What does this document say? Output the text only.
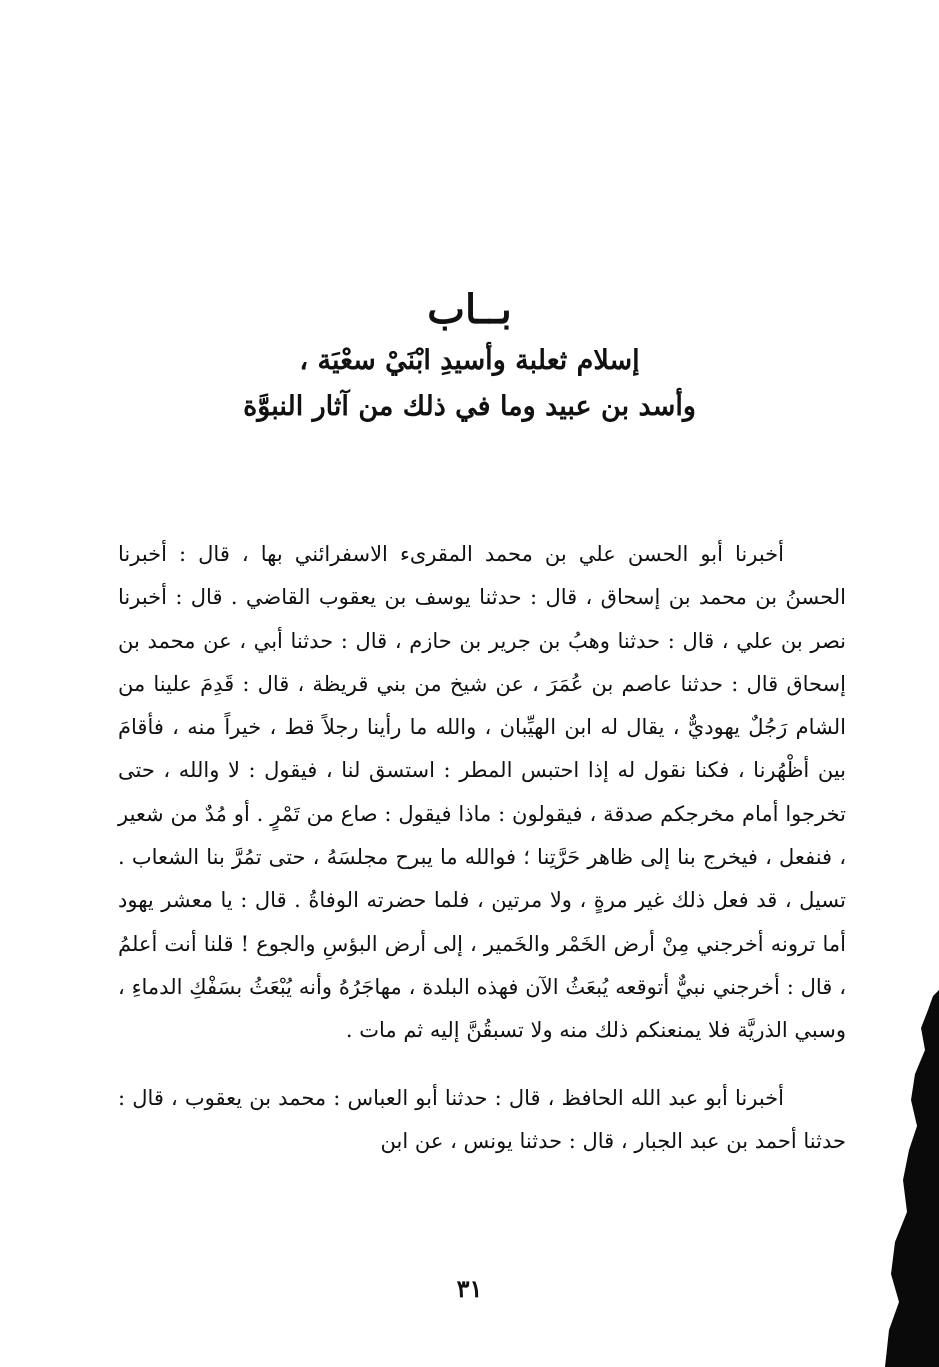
بــاب
إسلام ثعلبة وأسيدِ ابْنَيْ سعْيَة ،
وأسد بن عبيد وما في ذلك من آثار النبوَّة

أخبرنا أبو الحسن علي بن محمد المقرىء الاسفرائني بها ، قال : أخبرنا الحسنُ بن محمد بن إسحاق ، قال : حدثنا يوسف بن يعقوب القاضي . قال : أخبرنا نصر بن علي ، قال : حدثنا وهبُ بن جرير بن حازم ، قال : حدثنا أبي ، عن محمد بن إسحاق قال : حدثنا عاصم بن عُمَرَ ، عن شيخ من بني قريظة ، قال : قَدِمَ علينا من الشام رَجُلٌ يهوديٌّ ، يقال له ابن الهيِّبان ، والله ما رأينا رجلاً قط ، خيراً منه ، فأقامَ بين أظْهُرنا ، فكنا نقول له إذا احتبس المطر : استسق لنا ، فيقول : لا والله ، حتى تخرجوا أمام مخرجكم صدقة ، فيقولون : ماذا فيقول : صاع من تَمْرٍ . أو مُدٌ من شعير ، فنفعل ، فيخرج بنا إلى ظاهر حَرَّتِنا ؛ فوالله ما يبرح مجلسَهُ ، حتى تمُرَّ بنا الشعاب . تسيل ، قد فعل ذلك غير مرةٍ ، ولا مرتين ، فلما حضرته الوفاةُ . قال : يا معشر يهود أما ترونه أخرجني مِنْ أرض الخَمْر والخَمير ، إلى أرض البؤسِ والجوع ! قلنا أنت أعلمُ ، قال : أخرجني نبيٌّ أتوقعه يُبعَثُ الآن فهذه البلدة ، مهاجَرُهُ وأنه يُبْعَثُ بسَفْكِ الدماءِ ، وسبي الذريَّة فلا يمنعنكم ذلك منه ولا تسبقُنَّ إليه ثم مات .

أخبرنا أبو عبد الله الحافظ ، قال : حدثنا أبو العباس : محمد بن يعقوب ، قال : حدثنا أحمد بن عبد الجبار ، قال : حدثنا يونس ، عن ابن

٣١
